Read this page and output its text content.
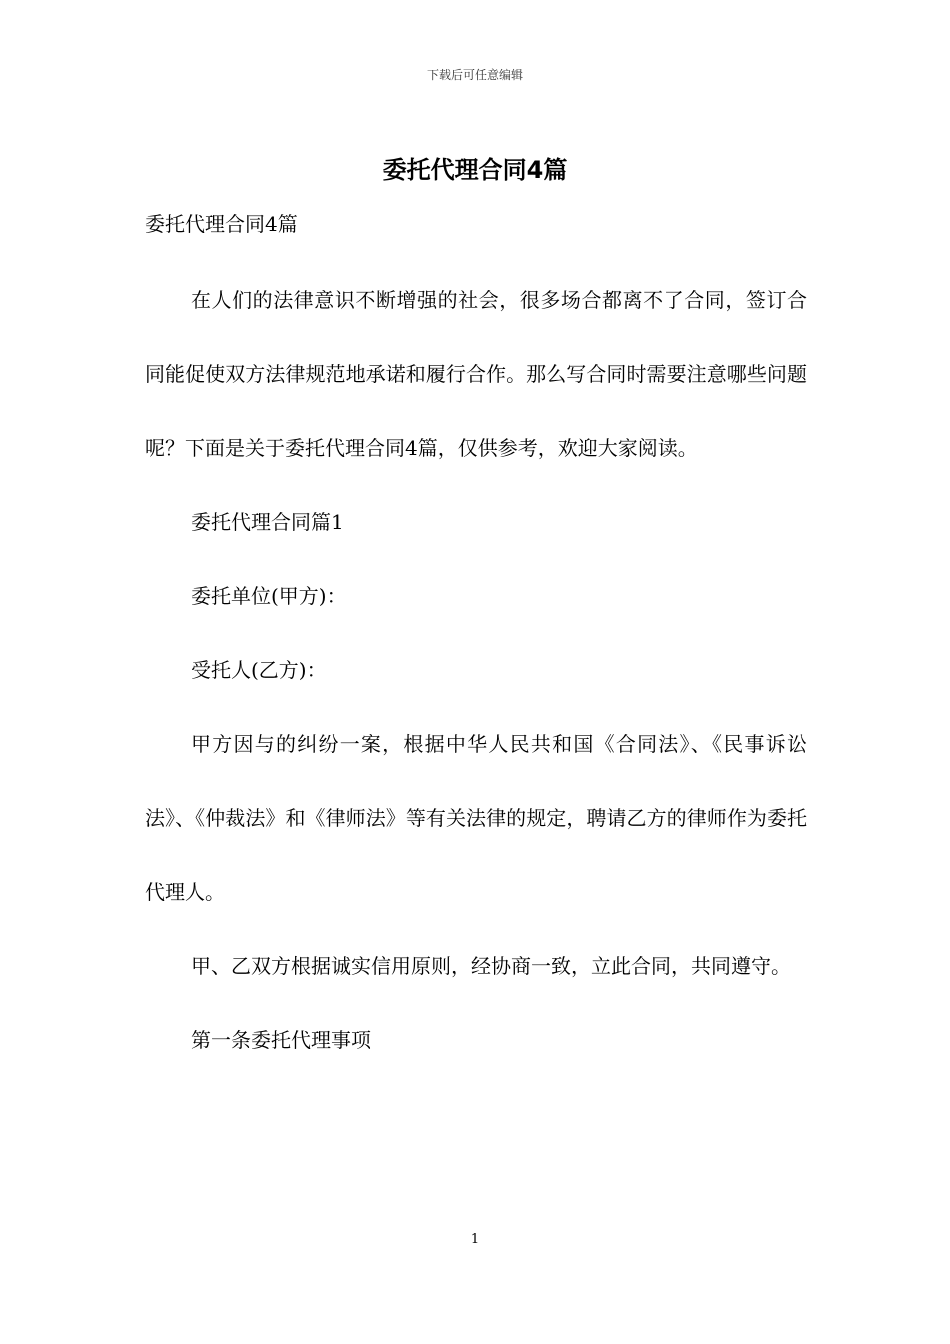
下载后可任意编辑
委托代理合同4篇
委托代理合同4篇

在人们的法律意识不断增强的社会，很多场合都离不了合同，签订合同能促使双方法律规范地承诺和履行合作。那么写合同时需要注意哪些问题呢？下面是关于委托代理合同4篇，仅供参考，欢迎大家阅读。

委托代理合同篇1

委托单位(甲方)：

受托人(乙方)：

甲方因与的纠纷一案，根据中华人民共和国《合同法》、《民事诉讼法》、《仲裁法》和《律师法》等有关法律的规定，聘请乙方的律师作为委托代理人。

甲、乙双方根据诚实信用原则，经协商一致，立此合同，共同遵守。

第一条委托代理事项

1
